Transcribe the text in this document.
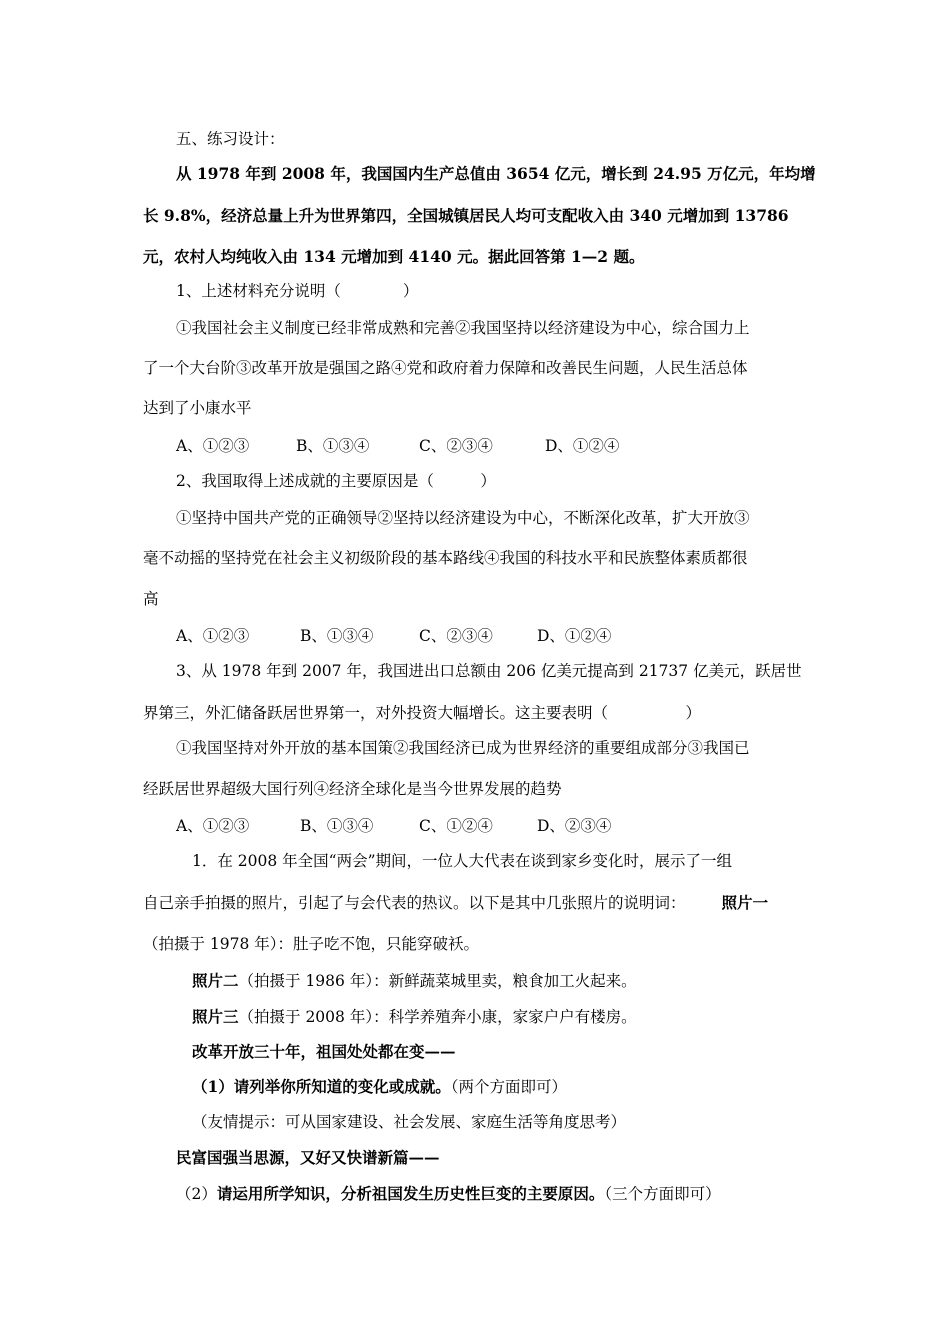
五、练习设计：
从 1978 年到 2008 年，我国国内生产总值由 3654 亿元，增长到 24.95 万亿元，年均增
长 9.8%，经济总量上升为世界第四，全国城镇居民人均可支配收入由 340 元增加到 13786
元，农村人均纯收入由 134 元增加到 4140 元。据此回答第 1—2 题。
1、上述材料充分说明（　　　　）
①我国社会主义制度已经非常成熟和完善②我国坚持以经济建设为中心，综合国力上
了一个大台阶③改革开放是强国之路④党和政府着力保障和改善民生问题，人民生活总体
达到了小康水平
A、①②③	B、①③④	C、②③④	D、①②④
2、我国取得上述成就的主要原因是（　　　）
①坚持中国共产党的正确领导②坚持以经济建设为中心，不断深化改革，扩大开放③
毫不动摇的坚持党在社会主义初级阶段的基本路线④我国的科技水平和民族整体素质都很
高
A、①②③	B、①③④	C、②③④	D、①②④
3、从 1978 年到 2007 年，我国进出口总额由 206 亿美元提高到 21737 亿美元，跃居世
界第三，外汇储备跃居世界第一，对外投资大幅增长。这主要表明（　　　　　）
①我国坚持对外开放的基本国策②我国经济已成为世界经济的重要组成部分③我国已
经跃居世界超级大国行列④经济全球化是当今世界发展的趋势
A、①②③	B、①③④	C、①②④	D、②③④
1．在 2008 年全国“两会”期间，一位人大代表在谈到家乡变化时，展示了一组
自己亲手拍摄的照片，引起了与会代表的热议。以下是其中几张照片的说明词： 照片一
（拍摄于 1978 年）：肚子吃不饱，只能穿破袄。
照片二（拍摄于 1986 年）：新鲜蔬菜城里卖，粮食加工火起来。
照片三（拍摄于 2008 年）：科学养殖奔小康，家家户户有楼房。
改革开放三十年，祖国处处都在变——
（1）请列举你所知道的变化或成就。（两个方面即可）
（友情提示：可从国家建设、社会发展、家庭生活等角度思考）
民富国强当思源，又好又快谱新篇——
（2）请运用所学知识，分析祖国发生历史性巨变的主要原因。（三个方面即可）
